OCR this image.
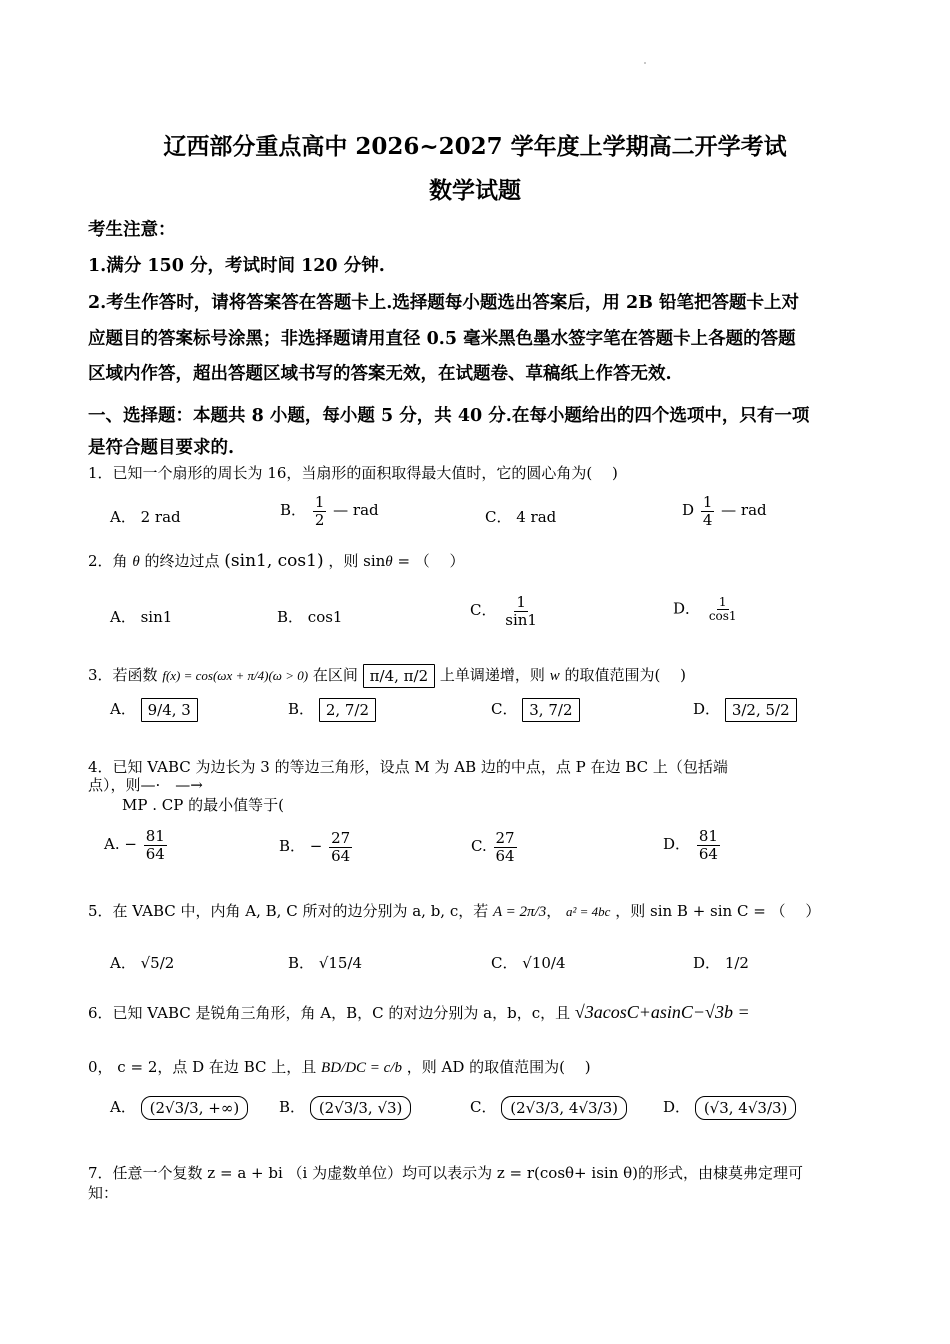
辽西部分重点高中 2026~2027 学年度上学期高二开学考试
数学试题
考生注意：
1.满分 150 分，考试时间 120 分钟.
2.考生作答时，请将答案答在答题卡上.选择题每小题选出答案后，用 2B 铅笔把答题卡上对
应题目的答案标号涂黑；非选择题请用直径 0.5 毫米黑色墨水签字笔在答题卡上各题的答题
区域内作答，超出答题区域书写的答案无效，在试题卷、草稿纸上作答无效.
一、选择题：本题共 8 小题，每小题 5 分，共 40 分.在每小题给出的四个选项中，只有一项
是符合题目要求的.
1．已知一个扇形的周长为 16，当扇形的面积取得最大值时，它的圆心角为(　 )
A． 2 rad	B． $\frac{1}{2}$ — rad	C． 4 rad	D $\frac{1}{4}$ — rad
2．角 θ 的终边过点 (sin1, cos1) ，则 sinθ = （　 ）
A． sin1	B． cos1	C． $\frac{1}{\sin 1}$	D． $\frac{1}{\cos 1}$
3．若函数 f(x) = cos(ωx + π/4)(ω > 0) 在区间 π/4, π/2 上单调递增，则 w 的取值范围为(　 )
A． 9/4, 3	B． 2, 7/2	C． 3, 7/2	D． 3/2, 5/2
4．已知 VABC 为边长为 3 的等边三角形，设点 M 为 AB 边的中点，点 P 在边 BC 上（包括端
点），则—·　—→
MP . CP 的最小值等于(
A. − $\frac{81}{64}$	B． − $\frac{27}{64}$	C. $\frac{27}{64}$	D． $\frac{81}{64}$
5．在 VABC 中，内角 A, B, C 所对的边分别为 a, b, c，若 A = 2π/3， a² = 4bc ，则 sin B + sin C = （　 ）
A． √5/2	B． √15/4	C． √10/4	D． 1/2
6．已知 VABC 是锐角三角形，角 A，B，C 的对边分别为 a，b，c，且 √3acosC+asinC−√3b =
0， c = 2，点 D 在边 BC 上，且 BD/DC = c/b ，则 AD 的取值范围为(　 )
A． (2√3/3, +∞)	B． (2√3/3, √3)	C． (2√3/3, 4√3/3)	D． (√3, 4√3/3)
7．任意一个复数 z = a + bi （i 为虚数单位）均可以表示为 z = r(cosθ+ isin θ)的形式，由棣莫弗定理可
知：
